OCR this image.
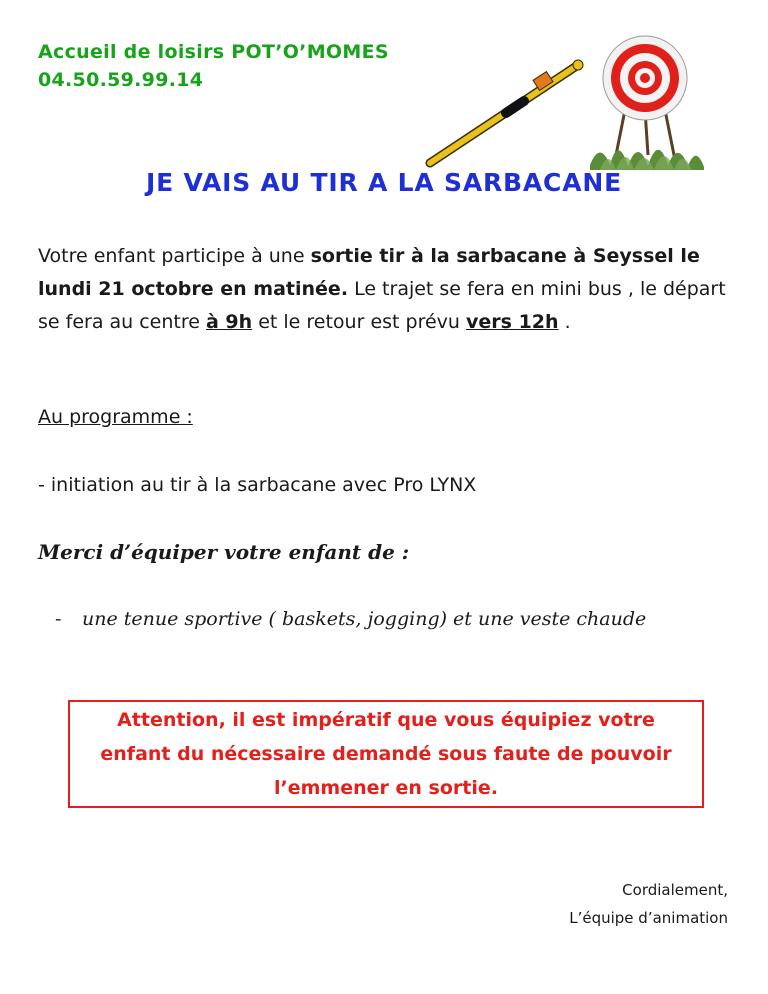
Accueil de loisirs POT’O’MOMES
04.50.59.99.14
JE VAIS AU TIR A LA SARBACANE
Votre enfant participe à une sortie tir à la sarbacane à Seyssel le lundi 21 octobre en matinée. Le trajet se fera en mini bus , le départ se fera au centre à 9h et le retour est prévu vers 12h .
Au programme :
- initiation au tir à la sarbacane avec Pro LYNX
Merci d’équiper votre enfant de :
-	une tenue sportive ( baskets, jogging) et une veste chaude
Attention, il est impératif que vous équipiez votre enfant du nécessaire demandé sous faute de pouvoir l’emmener en sortie.
Cordialement,
L’équipe d’animation
